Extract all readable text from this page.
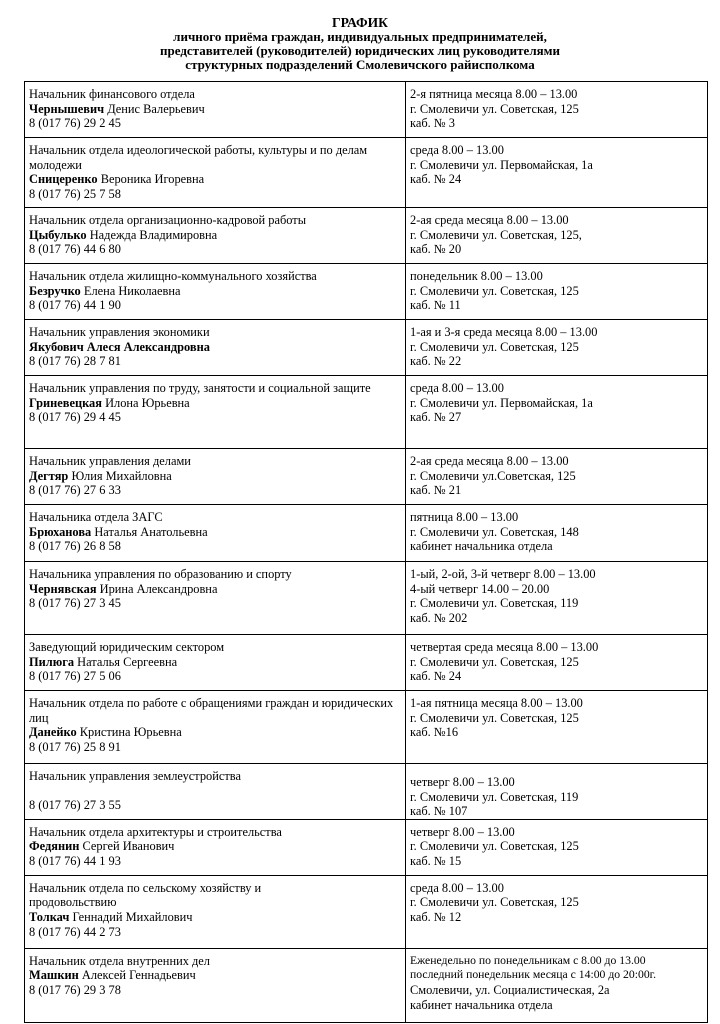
ГРАФИК
личного приёма граждан, индивидуальных предпринимателей,
представителей (руководителей) юридических лиц руководителями
структурных подразделений Смолевичского райисполкома
Начальник финансового отдела
Чернышевич Денис Валерьевич
8 (017 76) 29 2 45	2-я пятница месяца 8.00 – 13.00
г. Смолевичи ул. Советская, 125
каб. № 3

Начальник отдела идеологической работы, культуры и по делам молодежи
Сницеренко Вероника Игоревна
8 (017 76) 25 7 58	среда 8.00 – 13.00
г. Смолевичи ул. Первомайская, 1а
каб. № 24

Начальник отдела организационно-кадровой работы
Цыбулько Надежда Владимировна
8 (017 76) 44 6 80	2-ая среда месяца 8.00 – 13.00
г. Смолевичи ул. Советская, 125,
каб. № 20

Начальник отдела жилищно-коммунального хозяйства
Безручко Елена Николаевна
8 (017 76) 44 1 90	понедельник 8.00 – 13.00
г. Смолевичи ул. Советская, 125
каб. № 11

Начальник управления экономики
Якубович Алеся Александровна
8 (017 76) 28 7 81	1-ая и 3-я среда месяца 8.00 – 13.00
г. Смолевичи ул. Советская, 125
каб. № 22

Начальник управления по труду, занятости и социальной защите
Гриневецкая Илона Юрьевна
8 (017 76) 29 4 45	среда 8.00 – 13.00
г. Смолевичи ул. Первомайская, 1а
каб. № 27

Начальник управления делами
Дегтяр Юлия Михайловна
8 (017 76) 27 6 33	2-ая среда месяца 8.00 – 13.00
г. Смолевичи ул.Советская, 125
каб. № 21

Начальника отдела ЗАГС
Брюханова Наталья Анатольевна
8 (017 76) 26 8 58	пятница 8.00 – 13.00
г. Смолевичи ул. Советская, 148
кабинет начальника отдела

Начальника управления по образованию и спорту
Чернявская Ирина Александровна
8 (017 76) 27 3 45	1-ый, 2-ой, 3-й четверг 8.00 – 13.00
4-ый четверг 14.00 – 20.00
г. Смолевичи ул. Советская, 119
каб. № 202

Заведующий юридическим сектором
Пилюга Наталья Сергеевна
8 (017 76) 27 5 06	четвертая среда месяца 8.00 – 13.00
г. Смолевичи ул. Советская, 125
каб. № 24

Начальник отдела по работе с обращениями граждан и юридических лиц
Данейко Кристина Юрьевна
8 (017 76) 25 8 91	1-ая пятница месяца 8.00 – 13.00
г. Смолевичи ул. Советская, 125
каб. №16

Начальник управления землеустройства
8 (017 76) 27 3 55	четверг 8.00 – 13.00
г. Смолевичи ул. Советская, 119
каб. № 107

Начальник отдела архитектуры и строительства
Федянин Сергей Иванович
8 (017 76) 44 1 93	четверг 8.00 – 13.00
г. Смолевичи ул. Советская, 125
каб. № 15

Начальник отдела по сельскому хозяйству и продовольствию
Толкач Геннадий Михайлович
8 (017 76) 44 2 73	среда 8.00 – 13.00
г. Смолевичи ул. Советская, 125
каб. № 12

Начальник отдела внутренних дел
Машкин Алексей Геннадьевич
8 (017 76) 29 3 78	Еженедельно по понедельникам с 8.00 до 13.00
последний понедельник месяца с 14:00 до 20:00г.
Смолевичи, ул. Социалистическая, 2а
кабинет начальника отдела
